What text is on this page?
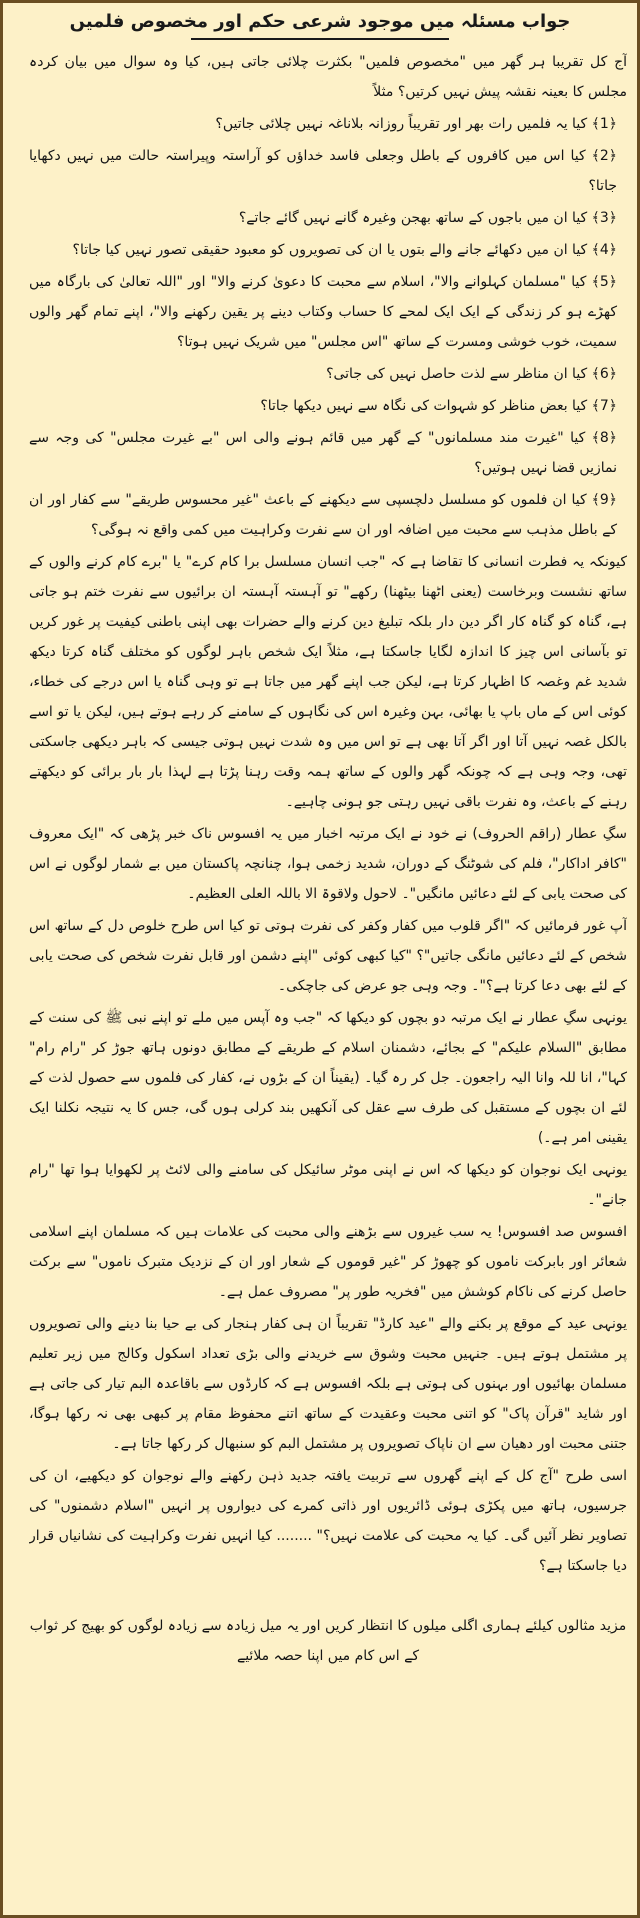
جواب مسئلہ میں موجود شرعی حکم اور مخصوص فلمیں

آج کل تقریبا ہر گھر میں "مخصوص فلمیں" بکثرت چلائی جاتی ہیں، کیا وہ سوال میں بیان کردہ مجلس کا بعینہ نقشہ پیش نہیں کرتیں؟ مثلاً

﴿1﴾ کیا یہ فلمیں رات بھر اور تقریباً روزانہ بلاناغہ نہیں چلائی جاتیں؟

﴿2﴾ کیا اس میں کافروں کے باطل وجعلی فاسد خداؤں کو آراستہ وپیراستہ حالت میں نہیں دکھایا جاتا؟

﴿3﴾ کیا ان میں باجوں کے ساتھ بھجن وغیرہ گانے نہیں گائے جاتے؟

﴿4﴾ کیا ان میں دکھائے جانے والے بتوں یا ان کی تصویروں کو معبود حقیقی تصور نہیں کیا جاتا؟

﴿5﴾ کیا "مسلمان کہلوانے والا"، اسلام سے محبت کا دعویٰ کرنے والا" اور "اللہ تعالیٰ کی بارگاہ میں کھڑے ہو کر زندگی کے ایک ایک لمحے کا حساب وکتاب دینے پر یقین رکھنے والا"، اپنے تمام گھر والوں سمیت، خوب خوشی ومسرت کے ساتھ "اس مجلس" میں شریک نہیں ہوتا؟

﴿6﴾ کیا ان مناظر سے لذت حاصل نہیں کی جاتی؟

﴿7﴾ کیا بعض مناظر کو شہوات کی نگاہ سے نہیں دیکھا جاتا؟

﴿8﴾ کیا "غیرت مند مسلمانوں" کے گھر میں قائم ہونے والی اس "بے غیرت مجلس" کی وجہ سے نمازیں قضا نہیں ہوتیں؟

﴿9﴾ کیا ان فلموں کو مسلسل دلچسپی سے دیکھنے کے باعث "غیر محسوس طریقے" سے کفار اور ان کے باطل مذہب سے محبت میں اضافہ اور ان سے نفرت وکراہیت میں کمی واقع نہ ہوگی؟

کیونکہ یہ فطرت انسانی کا تقاضا ہے کہ "جب انسان مسلسل برا کام کرے" یا "برے کام کرنے والوں کے ساتھ نشست وبرخاست (یعنی اٹھنا بیٹھنا) رکھے" تو آہستہ آہستہ ان برائیوں سے نفرت ختم ہو جاتی ہے، گناہ کو گناہ کار اگر دین دار بلکہ تبلیغ دین کرنے والے حضرات بھی اپنی باطنی کیفیت پر غور کریں تو بآسانی اس چیز کا اندازہ لگایا جاسکتا ہے، مثلاً ایک شخص باہر لوگوں کو مختلف گناہ کرتا دیکھ شدید غم وغصہ کا اظہار کرتا ہے، لیکن جب اپنے گھر میں جاتا ہے تو وہی گناہ یا اس درجے کی خطاء، کوئی اس کے ماں باپ یا بھائی، بہن وغیرہ اس کی نگاہوں کے سامنے کر رہے ہوتے ہیں، لیکن یا تو اسے بالکل غصہ نہیں آتا اور اگر آتا بھی ہے تو اس میں وہ شدت نہیں ہوتی جیسی کہ باہر دیکھی جاسکتی تھی، وجہ وہی ہے کہ چونکہ گھر والوں کے ساتھ ہمہ وقت رہنا پڑتا ہے لہذا بار بار برائی کو دیکھتے رہنے کے باعث، وہ نفرت باقی نہیں رہتی جو ہونی چاہیے۔

سگِ عطار (راقم الحروف) نے خود نے ایک مرتبہ اخبار میں یہ افسوس ناک خبر پڑھی کہ "ایک معروف "کافر اداکار"، فلم کی شوٹنگ کے دوران، شدید زخمی ہوا، چنانچہ پاکستان میں بے شمار لوگوں نے اس کی صحت یابی کے لئے دعائیں مانگیں"۔ لاحول ولاقوۃ الا باللہ العلی العظیم۔

آپ غور فرمائیں کہ "اگر قلوب میں کفار وکفر کی نفرت ہوتی تو کیا اس طرح خلوص دل کے ساتھ اس شخص کے لئے دعائیں مانگی جاتیں"؟ "کیا کبھی کوئی "اپنے دشمن اور قابل نفرت شخص کی صحت یابی کے لئے بھی دعا کرتا ہے؟"۔ وجہ وہی جو عرض کی جاچکی۔

یونہی سگِ عطار نے ایک مرتبہ دو بچوں کو دیکھا کہ "جب وہ آپس میں ملے تو اپنے نبی ﷺ کی سنت کے مطابق "السلام علیکم" کے بجائے، دشمنان اسلام کے طریقے کے مطابق دونوں ہاتھ جوڑ کر "رام رام" کہا"، انا للہ وانا الیہ راجعون۔ جل کر رہ گیا۔ (یقیناً ان کے بڑوں نے، کفار کی فلموں سے حصول لذت کے لئے ان بچوں کے مستقبل کی طرف سے عقل کی آنکھیں بند کرلی ہوں گی، جس کا یہ نتیجہ نکلنا ایک یقینی امر ہے۔)

یونہی ایک نوجوان کو دیکھا کہ اس نے اپنی موٹر سائیکل کی سامنے والی لائٹ پر لکھوایا ہوا تھا "رام جانے"۔

افسوس صد افسوس! یہ سب غیروں سے بڑھنے والی محبت کی علامات ہیں کہ مسلمان اپنے اسلامی شعائر اور بابرکت ناموں کو چھوڑ کر "غیر قوموں کے شعار اور ان کے نزدیک متبرک ناموں" سے برکت حاصل کرنے کی ناکام کوشش میں "فخریہ طور پر" مصروف عمل ہے۔

یونہی عید کے موقع پر بکنے والے "عید کارڈ" تقریباً ان ہی کفار ہنجار کی بے حیا بنا دینے والی تصویروں پر مشتمل ہوتے ہیں۔ جنہیں محبت وشوق سے خریدنے والی بڑی تعداد اسکول وکالج میں زیر تعلیم مسلمان بھائیوں اور بہنوں کی ہوتی ہے بلکہ افسوس ہے کہ کارڈوں سے باقاعدہ البم تیار کی جاتی ہے اور شاید "قرآن پاک" کو اتنی محبت وعقیدت کے ساتھ اتنے محفوظ مقام پر کبھی بھی نہ رکھا ہوگا، جتنی محبت اور دھیان سے ان ناپاک تصویروں پر مشتمل البم کو سنبھال کر رکھا جاتا ہے۔

اسی طرح "آج کل کے اپنے گھروں سے تربیت یافتہ جدید ذہن رکھنے والے نوجوان کو دیکھیے، ان کی جرسیوں، ہاتھ میں پکڑی ہوئی ڈائریوں اور ذاتی کمرے کی دیواروں پر انہیں "اسلام دشمنوں" کی تصاویر نظر آئیں گی۔ کیا یہ محبت کی علامت نہیں؟" ........ کیا انہیں نفرت وکراہیت کی نشانیاں قرار دیا جاسکتا ہے؟

مزید مثالوں کیلئے ہماری اگلی میلوں کا انتظار کریں اور یہ میل زیادہ سے زیادہ لوگوں کو بھیج کر ثواب کے اس کام میں اپنا حصہ ملائیے
